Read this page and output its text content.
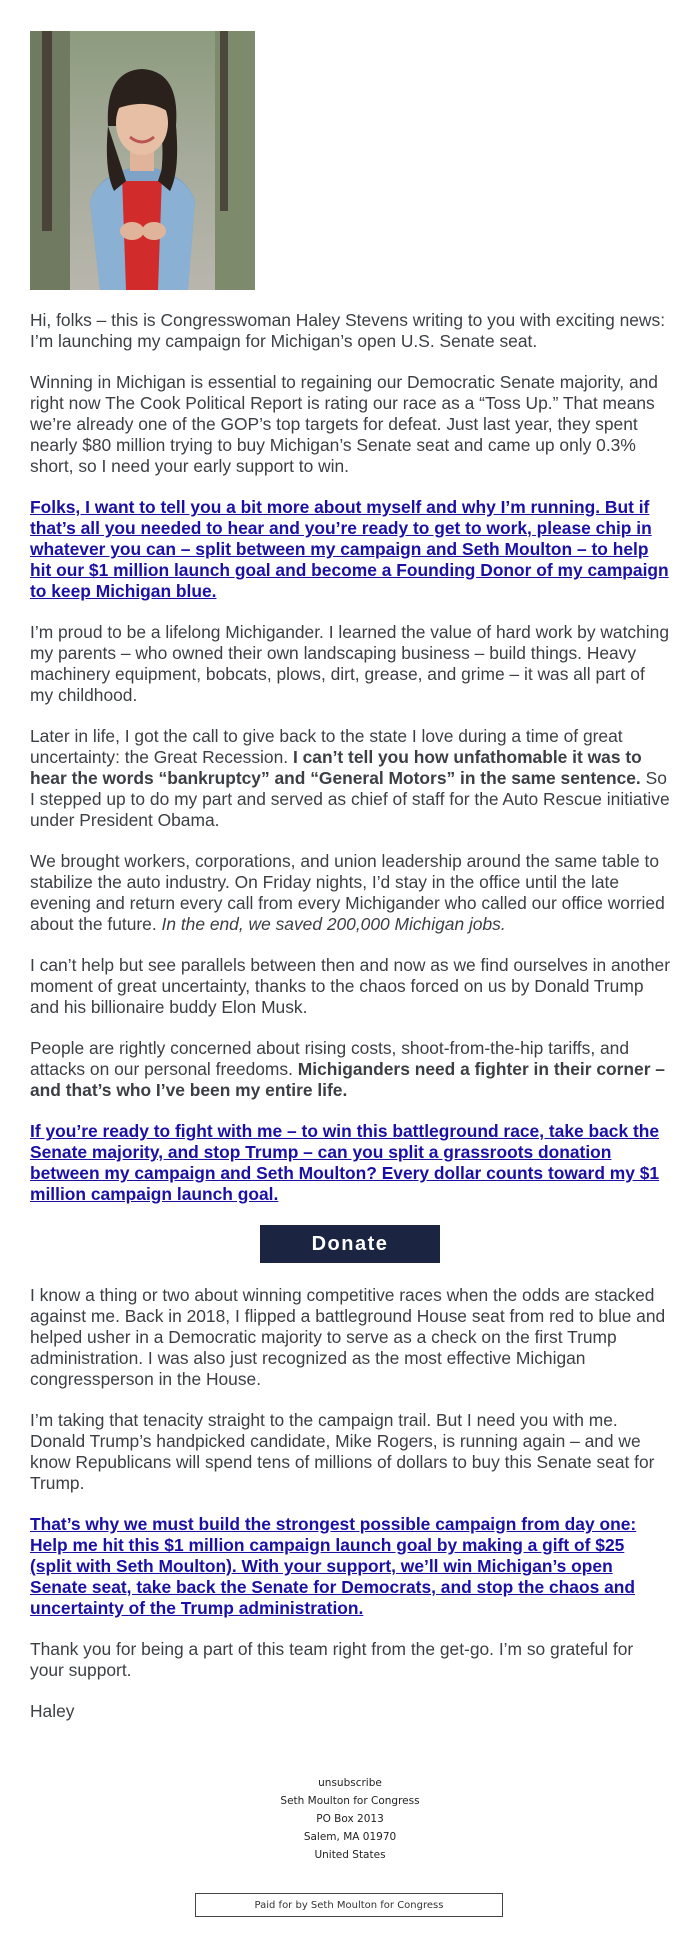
Hi, folks – this is Congresswoman Haley Stevens writing to you with exciting news: I’m launching my campaign for Michigan’s open U.S. Senate seat.

Winning in Michigan is essential to regaining our Democratic Senate majority, and right now The Cook Political Report is rating our race as a “Toss Up.” That means we’re already one of the GOP’s top targets for defeat. Just last year, they spent nearly $80 million trying to buy Michigan’s Senate seat and came up only 0.3% short, so I need your early support to win.

Folks, I want to tell you a bit more about myself and why I’m running. But if that’s all you needed to hear and you’re ready to get to work, please chip in whatever you can – split between my campaign and Seth Moulton – to help hit our $1 million launch goal and become a Founding Donor of my campaign to keep Michigan blue.

I’m proud to be a lifelong Michigander. I learned the value of hard work by watching my parents – who owned their own landscaping business – build things. Heavy machinery equipment, bobcats, plows, dirt, grease, and grime – it was all part of my childhood.

Later in life, I got the call to give back to the state I love during a time of great uncertainty: the Great Recession. I can’t tell you how unfathomable it was to hear the words “bankruptcy” and “General Motors” in the same sentence. So I stepped up to do my part and served as chief of staff for the Auto Rescue initiative under President Obama.

We brought workers, corporations, and union leadership around the same table to stabilize the auto industry. On Friday nights, I’d stay in the office until the late evening and return every call from every Michigander who called our office worried about the future. In the end, we saved 200,000 Michigan jobs.

I can’t help but see parallels between then and now as we find ourselves in another moment of great uncertainty, thanks to the chaos forced on us by Donald Trump and his billionaire buddy Elon Musk.

People are rightly concerned about rising costs, shoot-from-the-hip tariffs, and attacks on our personal freedoms. Michiganders need a fighter in their corner – and that’s who I’ve been my entire life.

If you’re ready to fight with me – to win this battleground race, take back the Senate majority, and stop Trump – can you split a grassroots donation between my campaign and Seth Moulton? Every dollar counts toward my $1 million campaign launch goal.

Donate

I know a thing or two about winning competitive races when the odds are stacked against me. Back in 2018, I flipped a battleground House seat from red to blue and helped usher in a Democratic majority to serve as a check on the first Trump administration. I was also just recognized as the most effective Michigan congressperson in the House.

I’m taking that tenacity straight to the campaign trail. But I need you with me. Donald Trump’s handpicked candidate, Mike Rogers, is running again – and we know Republicans will spend tens of millions of dollars to buy this Senate seat for Trump.

That’s why we must build the strongest possible campaign from day one: Help me hit this $1 million campaign launch goal by making a gift of $25 (split with Seth Moulton). With your support, we’ll win Michigan’s open Senate seat, take back the Senate for Democrats, and stop the chaos and uncertainty of the Trump administration.

Thank you for being a part of this team right from the get-go. I’m so grateful for your support.

Haley

unsubscribe
Seth Moulton for Congress
PO Box 2013
Salem, MA 01970
United States
Paid for by Seth Moulton for Congress
